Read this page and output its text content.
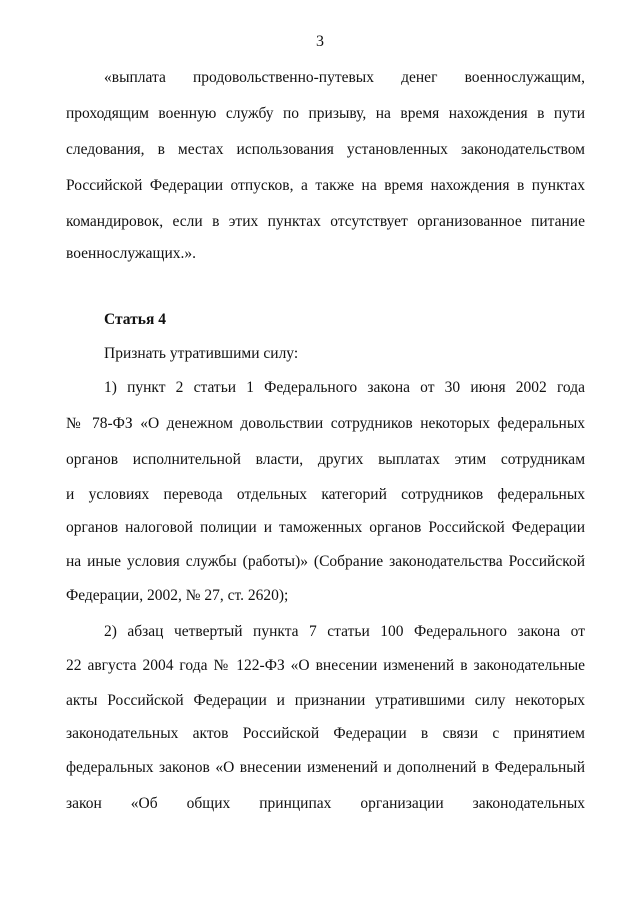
3
«выплата продовольственно-путевых денег военнослужащим,
проходящим военную службу по призыву, на время нахождения в пути
следования, в местах использования установленных законодательством
Российской Федерации отпусков, а также на время нахождения в пунктах
командировок, если в этих пунктах отсутствует организованное питание
военнослужащих.».
Статья 4
Признать утратившими силу:
1) пункт 2 статьи 1 Федерального закона от 30 июня 2002 года
№ 78-ФЗ «О денежном довольствии сотрудников некоторых федеральных
органов исполнительной власти, других выплатах этим сотрудникам
и условиях перевода отдельных категорий сотрудников федеральных
органов налоговой полиции и таможенных органов Российской Федерации
на иные условия службы (работы)» (Собрание законодательства Российской
Федерации, 2002, № 27, ст. 2620);
2) абзац четвертый пункта 7 статьи 100 Федерального закона от
22 августа 2004 года № 122-ФЗ «О внесении изменений в законодательные
акты Российской Федерации и признании утратившими силу некоторых
законодательных актов Российской Федерации в связи с принятием
федеральных законов «О внесении изменений и дополнений в Федеральный
закон «Об общих принципах организации законодательных
